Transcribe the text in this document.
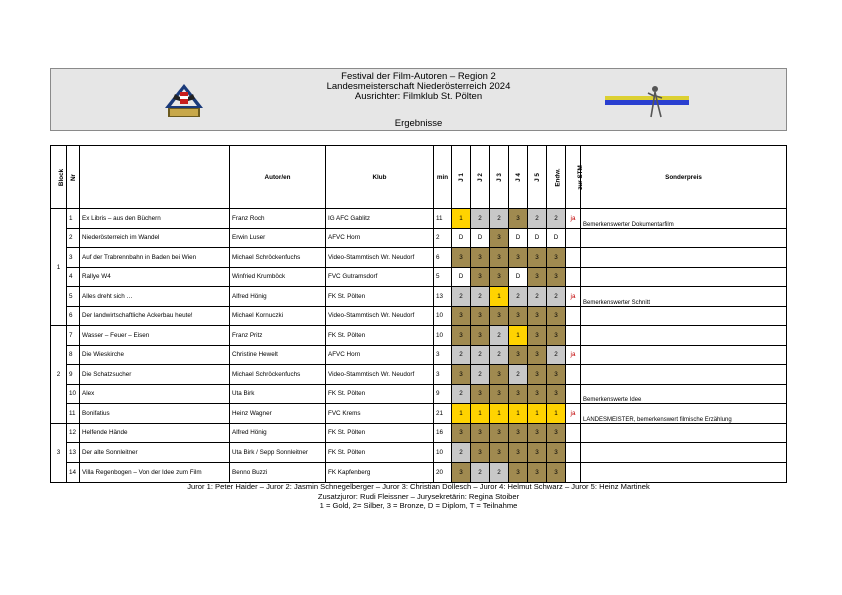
Festival der Film-Autoren – Region 2
Landesmeisterschaft Niederösterreich 2024
Ausrichter: Filmklub St. Pölten
Ergebnisse
Block	Nr		Autor/en	Klub	min	J 1	J 2	J 3	J 4	J 5	Endw.	zur STM	Sonderpreis
1	1	Ex Libris – aus den Büchern	Franz Roch	IG AFC Gablitz	11	1	2	2	3	2	2	ja	Bemerkenswerter Dokumentarfilm
	2	Niederösterreich im Wandel	Erwin Luser	AFVC Horn	2	D	D	3	D	D	D		
	3	Auf der Trabrennbahn in Baden bei Wien	Michael Schröckenfuchs	Video-Stammtisch Wr. Neudorf	6	3	3	3	3	3	3		
	4	Rallye W4	Winfried Krumböck	FVC Gutramsdorf	5	D	3	3	D	3	3		
	5	Alles dreht sich …	Alfred Hönig	FK St. Pölten	13	2	2	1	2	2	2	ja	Bemerkenswerter Schnitt
	6	Der landwirtschaftliche Ackerbau heute!	Michael Kornuczki	Video-Stammtisch Wr. Neudorf	10	3	3	3	3	3	3		
2	7	Wasser – Feuer – Eisen	Franz Pritz	FK St. Pölten	10	3	3	2	1	3	3		
	8	Die Wieskirche	Christine Hewelt	AFVC Horn	3	2	2	2	3	3	2	ja	
	9	Die Schatzsucher	Michael Schröckenfuchs	Video-Stammtisch Wr. Neudorf	3	3	2	3	2	3	3		
	10	Alex	Uta Birk	FK St. Pölten	9	2	3	3	3	3	3		Bemerkenswerte Idee
	11	Bonifatius	Heinz Wagner	FVC Krems	21	1	1	1	1	1	1	ja	LANDESMEISTER, bemerkenswert filmische Erzählung
3	12	Helfende Hände	Alfred Hönig	FK St. Pölten	16	3	3	3	3	3	3		
	13	Der alte Sonnleitner	Uta Birk / Sepp Sonnleitner	FK St. Pölten	10	2	3	3	3	3	3		
	14	Villa Regenbogen – Von der Idee zum Film	Benno Buzzi	FK Kapfenberg	20	3	2	2	3	3	3		
Juror 1: Peter Haider – Juror 2: Jasmin Schnegelberger – Juror 3: Christian Dollesch – Juror 4: Helmut Schwarz – Juror 5: Heinz Martinek
Zusatzjuror: Rudi Fleissner – Jurysekretärin: Regina Stoiber
1 = Gold, 2= Silber, 3 = Bronze, D = Diplom, T = Teilnahme
